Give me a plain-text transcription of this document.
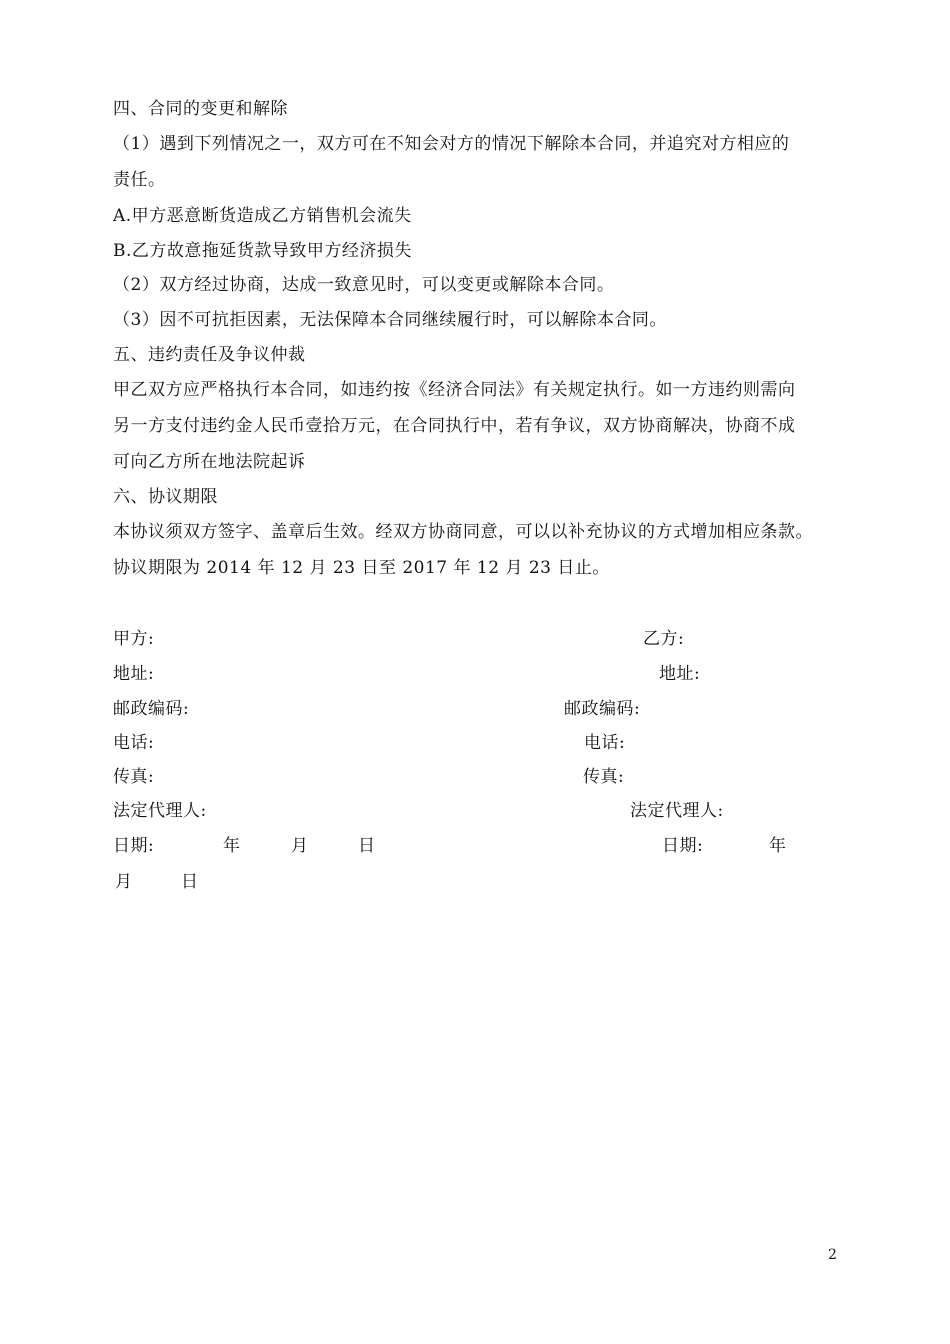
四、合同的变更和解除
（1）遇到下列情况之一，双方可在不知会对方的情况下解除本合同，并追究对方相应的
责任。
A.甲方恶意断货造成乙方销售机会流失
B.乙方故意拖延货款导致甲方经济损失
（2）双方经过协商，达成一致意见时，可以变更或解除本合同。
（3）因不可抗拒因素，无法保障本合同继续履行时，可以解除本合同。
五、违约责任及争议仲裁
甲乙双方应严格执行本合同，如违约按《经济合同法》有关规定执行。如一方违约则需向
另一方支付违约金人民币壹拾万元，在合同执行中，若有争议，双方协商解决，协商不成
可向乙方所在地法院起诉
六、协议期限
本协议须双方签字、盖章后生效。经双方协商同意，可以以补充协议的方式增加相应条款。
协议期限为 2014 年 12 月 23 日至 2017 年 12 月 23 日止。
甲方:	乙方:
地址:	地址:
邮政编码:	邮政编码:
电话:	电话:
传真:	传真:
法定代理人:	法定代理人:
日期:	年	月	日	日期:	年
月	日
2
